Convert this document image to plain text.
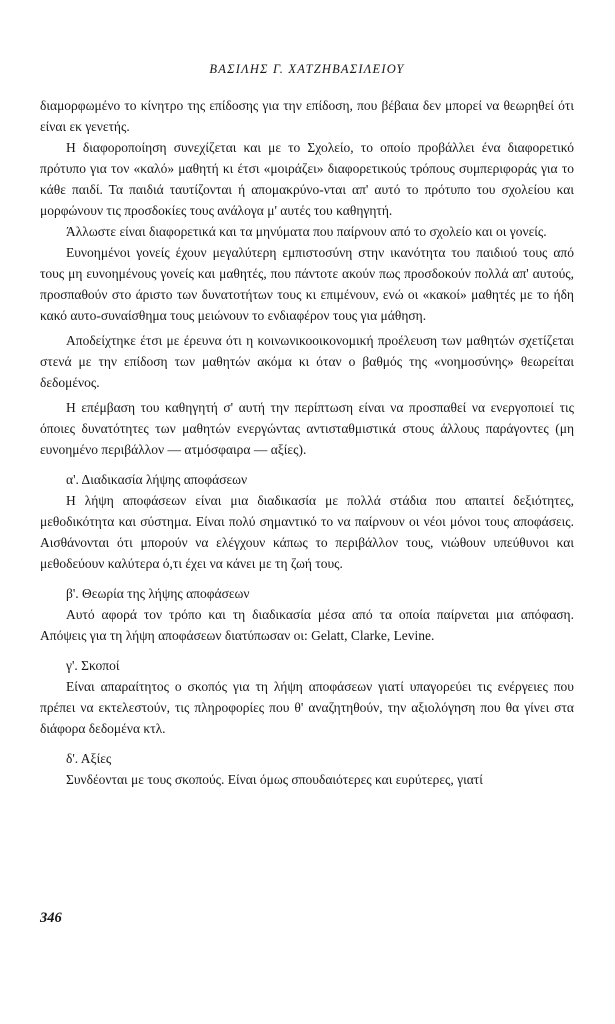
ΒΑΣΙΛΗΣ Γ. ΧΑΤΖΗΒΑΣΙΛΕΙΟΥ

διαμορφωμένο το κίνητρο της επίδοσης για την επίδοση, που βέβαια δεν μπορεί να θεωρηθεί ότι είναι εκ γενετής.

Η διαφοροποίηση συνεχίζεται και με το Σχολείο, το οποίο προβάλλει ένα διαφορετικό πρότυπο για τον «καλό» μαθητή κι έτσι «μοιράζει» διαφορετικούς τρόπους συμπεριφοράς για το κάθε παιδί. Τα παιδιά ταυτίζονται ή απομακρύνο-νται απ' αυτό το πρότυπο του σχολείου και μορφώνουν τις προσδοκίες τους ανάλογα μ' αυτές του καθηγητή.

Άλλωστε είναι διαφορετικά και τα μηνύματα που παίρνουν από το σχολείο και οι γονείς.

Ευνοημένοι γονείς έχουν μεγαλύτερη εμπιστοσύνη στην ικανότητα του παιδιού τους από τους μη ευνοημένους γονείς και μαθητές, που πάντοτε ακούν πως προσδοκούν πολλά απ' αυτούς, προσπαθούν στο άριστο των δυνατοτήτων τους κι επιμένουν, ενώ οι «κακοί» μαθητές με το ήδη κακό αυτο-συναίσθημα τους μειώνουν το ενδιαφέρον τους για μάθηση.

Αποδείχτηκε έτσι με έρευνα ότι η κοινωνικοοικονομική προέλευση των μαθητών σχετίζεται στενά με την επίδοση των μαθητών ακόμα κι όταν ο βαθμός της «νοημοσύνης» θεωρείται δεδομένος.

Η επέμβαση του καθηγητή σ' αυτή την περίπτωση είναι να προσπαθεί να ενεργοποιεί τις όποιες δυνατότητες των μαθητών ενεργώντας αντισταθμιστικά στους άλλους παράγοντες (μη ευνοημένο περιβάλλον — ατμόσφαιρα — αξίες).

α'. Διαδικασία λήψης αποφάσεων

Η λήψη αποφάσεων είναι μια διαδικασία με πολλά στάδια που απαιτεί δεξιότητες, μεθοδικότητα και σύστημα. Είναι πολύ σημαντικό το να παίρνουν οι νέοι μόνοι τους αποφάσεις. Αισθάνονται ότι μπορούν να ελέγχουν κάπως το περιβάλλον τους, νιώθουν υπεύθυνοι και μεθοδεύουν καλύτερα ό,τι έχει να κάνει με τη ζωή τους.

β'. Θεωρία της λήψης αποφάσεων

Αυτό αφορά τον τρόπο και τη διαδικασία μέσα από τα οποία παίρνεται μια απόφαση. Απόψεις για τη λήψη αποφάσεων διατύπωσαν οι: Gelatt, Clarke, Levine.

γ'. Σκοποί

Είναι απαραίτητος ο σκοπός για τη λήψη αποφάσεων γιατί υπαγορεύει τις ενέργειες που πρέπει να εκτελεστούν, τις πληροφορίες που θ' αναζητηθούν, την αξιολόγηση που θα γίνει στα διάφορα δεδομένα κτλ.

δ'. Αξίες

Συνδέονται με τους σκοπούς. Είναι όμως σπουδαιότερες και ευρύτερες, γιατί

346
